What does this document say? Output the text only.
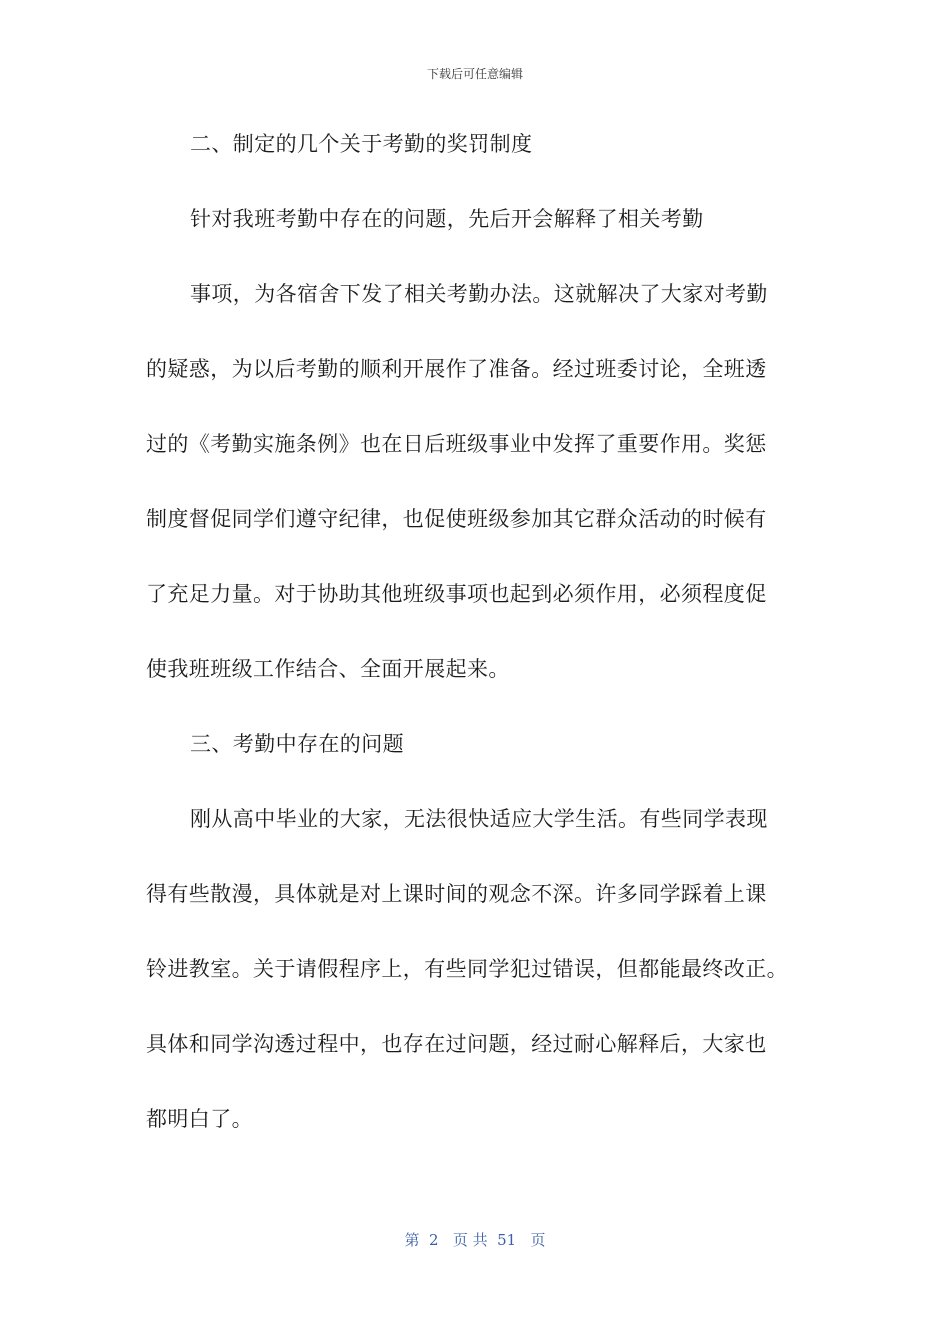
下载后可任意编辑
二、制定的几个关于考勤的奖罚制度
针对我班考勤中存在的问题，先后开会解释了相关考勤
事项，为各宿舍下发了相关考勤办法。这就解决了大家对考勤
的疑惑，为以后考勤的顺利开展作了准备。经过班委讨论，全班透
过的《考勤实施条例》也在日后班级事业中发挥了重要作用。奖惩
制度督促同学们遵守纪律，也促使班级参加其它群众活动的时候有
了充足力量。对于协助其他班级事项也起到必须作用，必须程度促
使我班班级工作结合、全面开展起来。
三、考勤中存在的问题
刚从高中毕业的大家，无法很快适应大学生活。有些同学表现
得有些散漫，具体就是对上课时间的观念不深。许多同学踩着上课
铃进教室。关于请假程序上，有些同学犯过错误，但都能最终改正。
具体和同学沟透过程中，也存在过问题，经过耐心解释后，大家也
都明白了。
第  2   页 共  51   页
